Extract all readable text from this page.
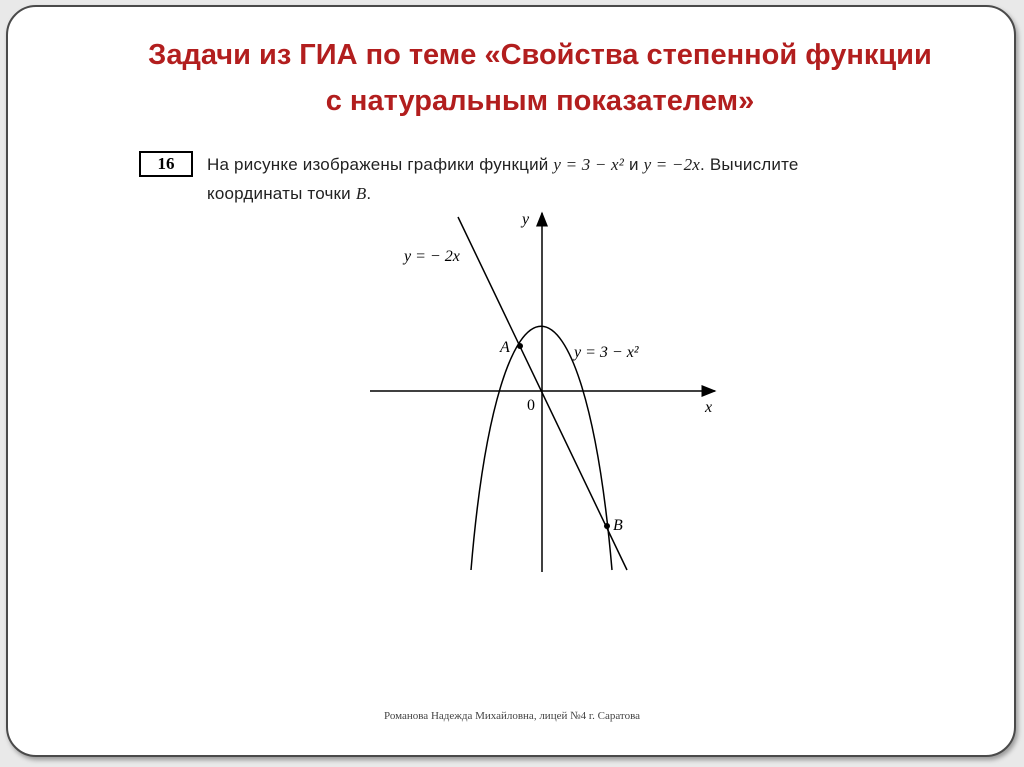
Задачи из ГИА по теме «Свойства степенной функции
с натуральным показателем»
16	На рисунке изображены графики функций y = 3 − x² и y = −2x. Вычислите
координаты точки B.
y
x
0
y = − 2x
y = 3 − x²
A
B
Романова Надежда Михайловна, лицей №4 г. Саратова
